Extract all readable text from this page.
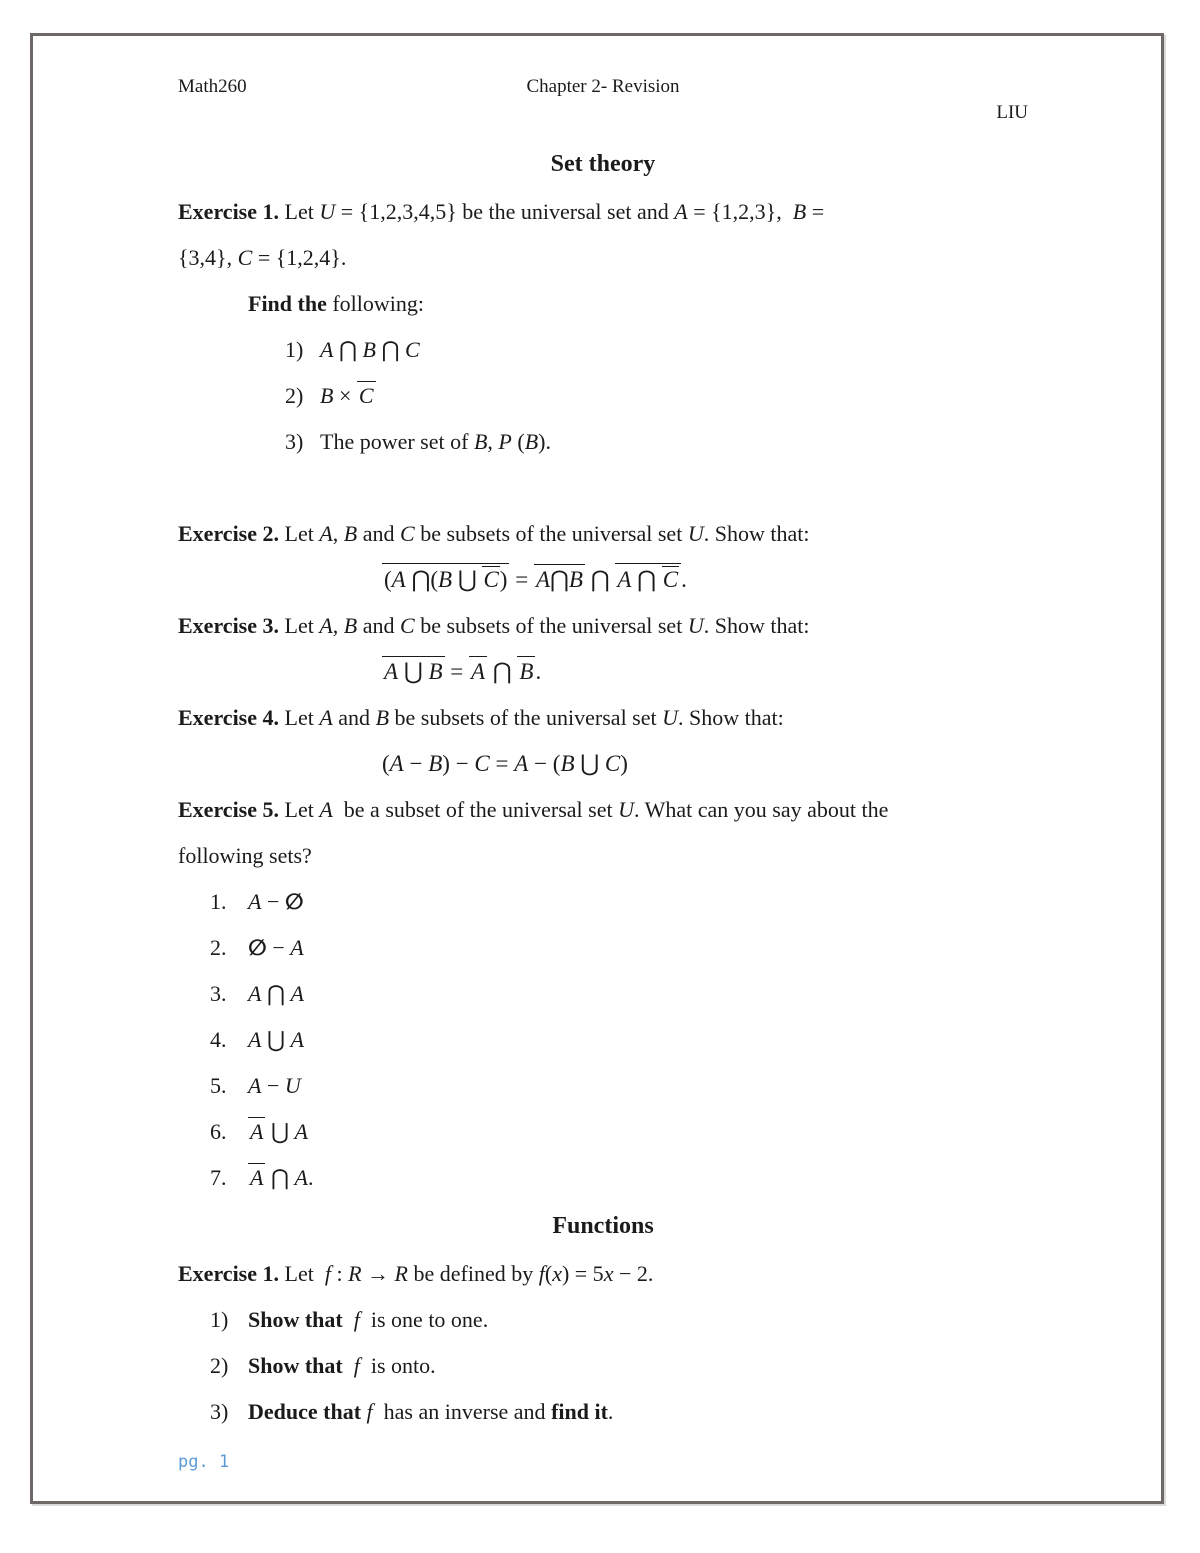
Math260	Chapter 2- Revision
LIU
Set theory
Exercise 1. Let U = {1,2,3,4,5} be the universal set and A = {1,2,3},  B =
{3,4}, C = {1,2,4}.
Find the following:
1) A ⋂ B ⋂ C
2) B × C
3) The power set of B, P (B).
Exercise 2. Let A, B and C be subsets of the universal set U. Show that:
(A ⋂(B ⋃ C) = A⋂B ⋂ A ⋂ C .
Exercise 3. Let A, B and C be subsets of the universal set U. Show that:
A ⋃ B = A ⋂ B.
Exercise 4. Let A and B be subsets of the universal set U. Show that:
(A − B) − C = A − (B ⋃ C)
Exercise 5. Let A  be a subset of the universal set U. What can you say about the
following sets?
1. A − ∅
2. ∅ − A
3. A ⋂ A
4. A ⋃ A
5. A − U
6. A ⋃ A
7. A ⋂ A.
Functions
Exercise 1. Let  f : R → R be defined by f(x) = 5x − 2.
1) Show that f  is one to one.
2) Show that f  is onto.
3) Deduce that f  has an inverse and find it.
pg. 1
